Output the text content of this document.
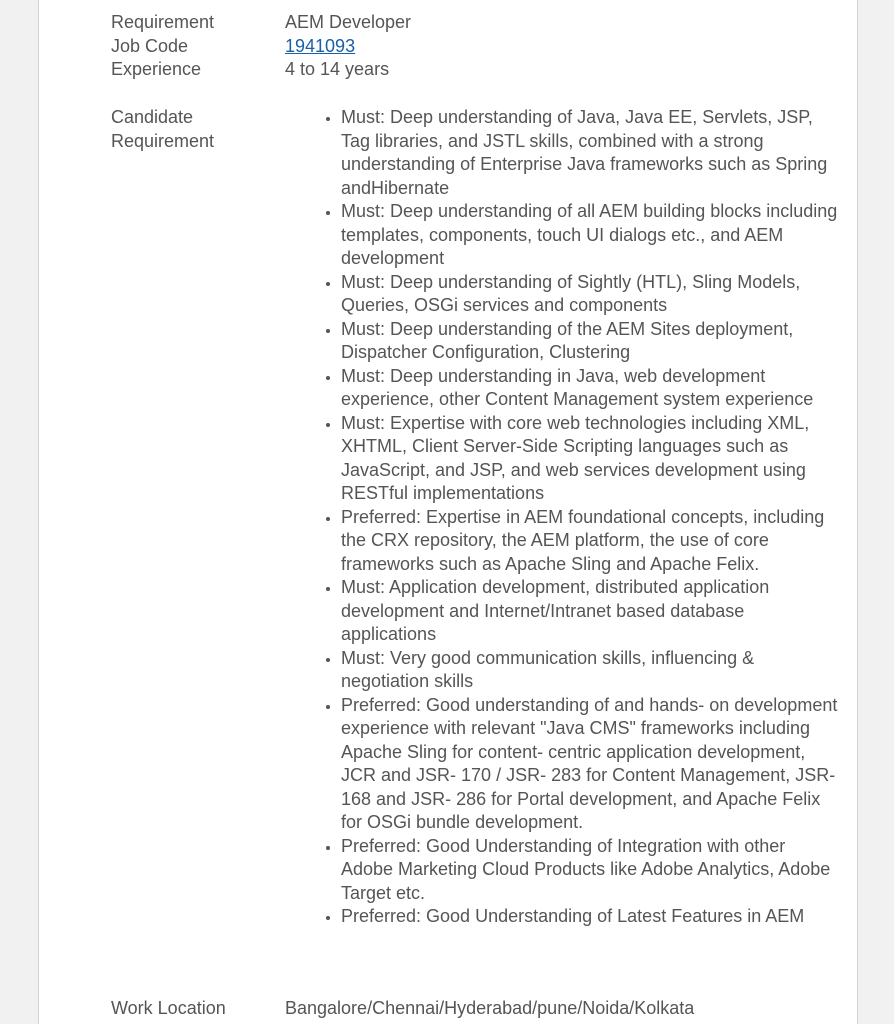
Requirement	AEM Developer
Job Code	1941093
Experience	4 to 14 years
Candidate
Requirement
• Must: Deep understanding of Java, Java EE, Servlets, JSP, Tag libraries, and JSTL skills, combined with a strong understanding of Enterprise Java frameworks such as Spring andHibernate
• Must: Deep understanding of all AEM building blocks including templates, components, touch UI dialogs etc., and AEM development
• Must: Deep understanding of Sightly (HTL), Sling Models, Queries, OSGi services and components
• Must: Deep understanding of the AEM Sites deployment, Dispatcher Configuration, Clustering
• Must: Deep understanding in Java, web development experience, other Content Management system experience
• Must: Expertise with core web technologies including XML, XHTML, Client Server-Side Scripting languages such as JavaScript, and JSP, and web services development using RESTful implementations
• Preferred: Expertise in AEM foundational concepts, including the CRX repository, the AEM platform, the use of core frameworks such as Apache Sling and Apache Felix.
• Must: Application development, distributed application development and Internet/Intranet based database applications
• Must: Very good communication skills, influencing & negotiation skills
• Preferred: Good understanding of and hands- on development experience with relevant "Java CMS" frameworks including Apache Sling for content- centric application development, JCR and JSR- 170 / JSR- 283 for Content Management, JSR- 168 and JSR- 286 for Portal development, and Apache Felix for OSGi bundle development.
• Preferred: Good Understanding of Integration with other Adobe Marketing Cloud Products like Adobe Analytics, Adobe Target etc.
• Preferred: Good Understanding of Latest Features in AEM
Work Location	Bangalore/Chennai/Hyderabad/pune/Noida/Kolkata
